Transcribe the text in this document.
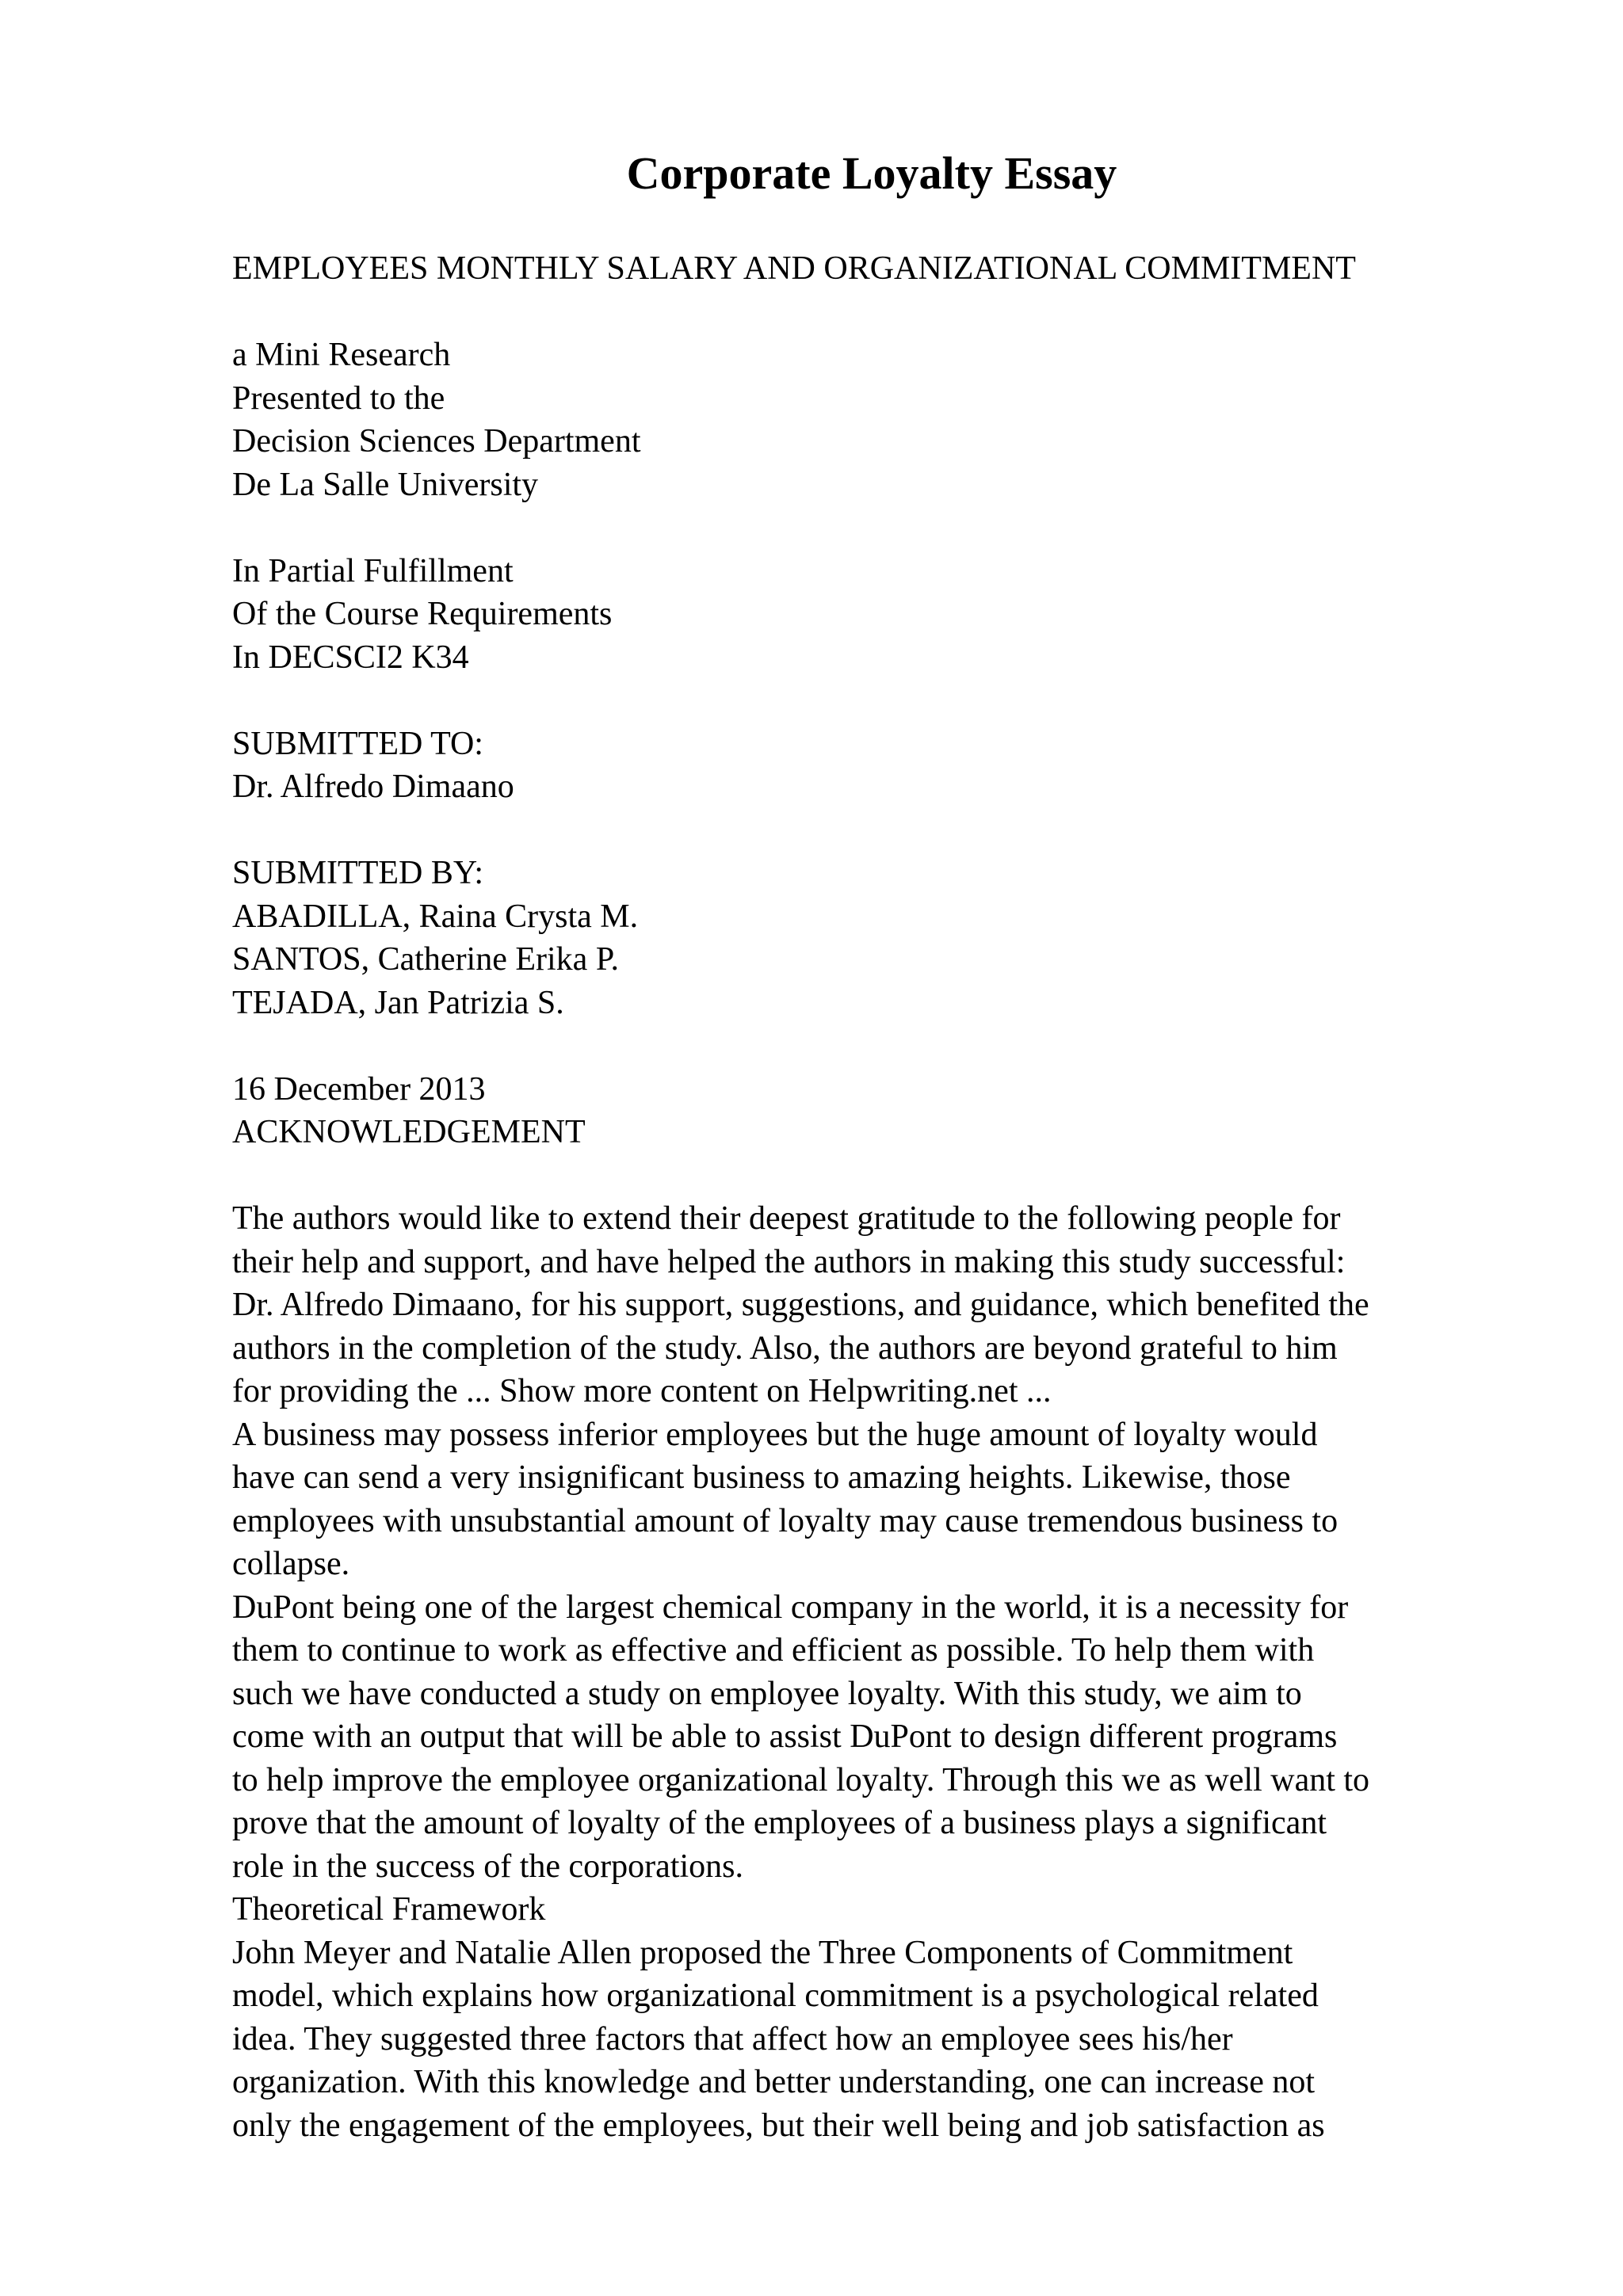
Corporate Loyalty Essay

EMPLOYEES MONTHLY SALARY AND ORGANIZATIONAL COMMITMENT

a Mini Research
Presented to the
Decision Sciences Department
De La Salle University
In Partial Fulfillment
Of the Course Requirements
In DECSCI2 K34
SUBMITTED TO:
Dr. Alfredo Dimaano
SUBMITTED BY:
ABADILLA, Raina Crysta M.
SANTOS, Catherine Erika P.
TEJADA, Jan Patrizia S.
16 December 2013
ACKNOWLEDGEMENT
The authors would like to extend their deepest gratitude to the following people for
their help and support, and have helped the authors in making this study successful:
Dr. Alfredo Dimaano, for his support, suggestions, and guidance, which benefited the
authors in the completion of the study. Also, the authors are beyond grateful to him
for providing the ... Show more content on Helpwriting.net ...
A business may possess inferior employees but the huge amount of loyalty would
have can send a very insignificant business to amazing heights. Likewise, those
employees with unsubstantial amount of loyalty may cause tremendous business to
collapse.
DuPont being one of the largest chemical company in the world, it is a necessity for
them to continue to work as effective and efficient as possible. To help them with
such we have conducted a study on employee loyalty. With this study, we aim to
come with an output that will be able to assist DuPont to design different programs
to help improve the employee organizational loyalty. Through this we as well want to
prove that the amount of loyalty of the employees of a business plays a significant
role in the success of the corporations.
Theoretical Framework
John Meyer and Natalie Allen proposed the Three Components of Commitment
model, which explains how organizational commitment is a psychological related
idea. They suggested three factors that affect how an employee sees his/her
organization. With this knowledge and better understanding, one can increase not
only the engagement of the employees, but their well being and job satisfaction as
